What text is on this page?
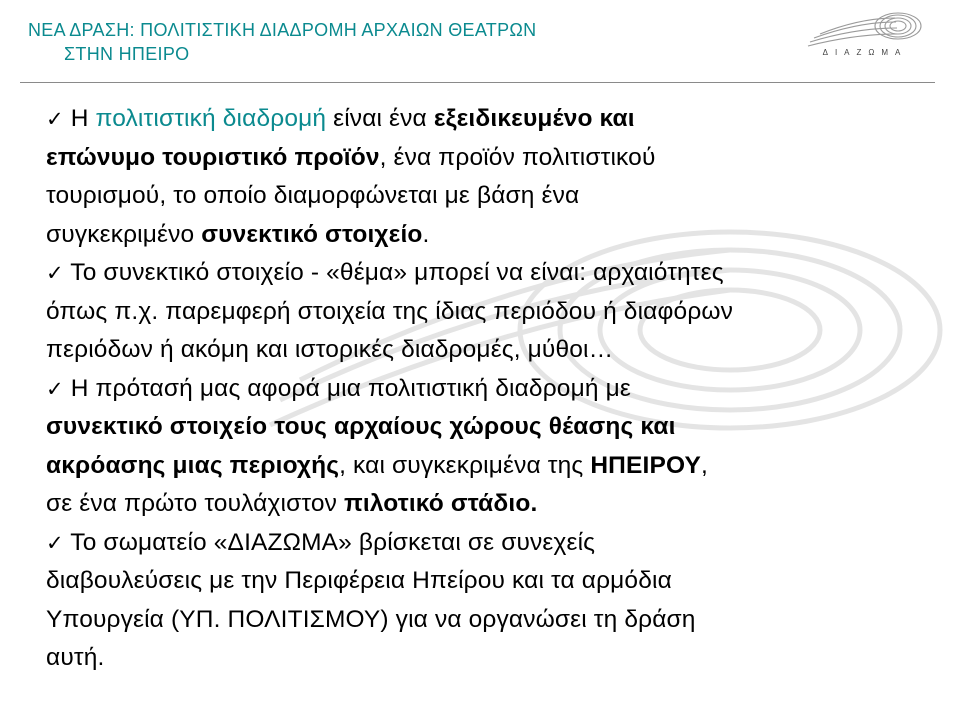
ΝΕΑ ΔΡΑΣΗ: ΠΟΛΙΤΙΣΤΙΚΗ ΔΙΑΔΡΟΜΗ ΑΡΧΑΙΩΝ ΘΕΑΤΡΩΝ
ΣΤΗΝ ΗΠΕΙΡΟ	ΔΙΑΖΩΜΑ

✓ Η πολιτιστική διαδρομή είναι ένα εξειδικευμένο και
επώνυμο τουριστικό προϊόν, ένα προϊόν πολιτιστικού
τουρισμού, το οποίο διαμορφώνεται με βάση ένα
συγκεκριμένο συνεκτικό στοιχείο.

✓ Το συνεκτικό στοιχείο - «θέμα» μπορεί να είναι: αρχαιότητες
όπως π.χ. παρεμφερή στοιχεία της ίδιας περιόδου ή διαφόρων
περιόδων ή ακόμη και ιστορικές διαδρομές, μύθοι…

✓ Η πρότασή μας αφορά μια πολιτιστική διαδρομή με
συνεκτικό στοιχείο τους αρχαίους χώρους θέασης και
ακρόασης μιας περιοχής, και συγκεκριμένα της ΗΠΕΙΡΟΥ,
σε ένα πρώτο τουλάχιστον πιλοτικό στάδιο.

✓ Το σωματείο «ΔΙΑΖΩΜΑ» βρίσκεται σε συνεχείς
διαβουλεύσεις με την Περιφέρεια Ηπείρου και τα αρμόδια
Υπουργεία (ΥΠ. ΠΟΛΙΤΙΣΜΟΥ) για να οργανώσει τη δράση
αυτή.
